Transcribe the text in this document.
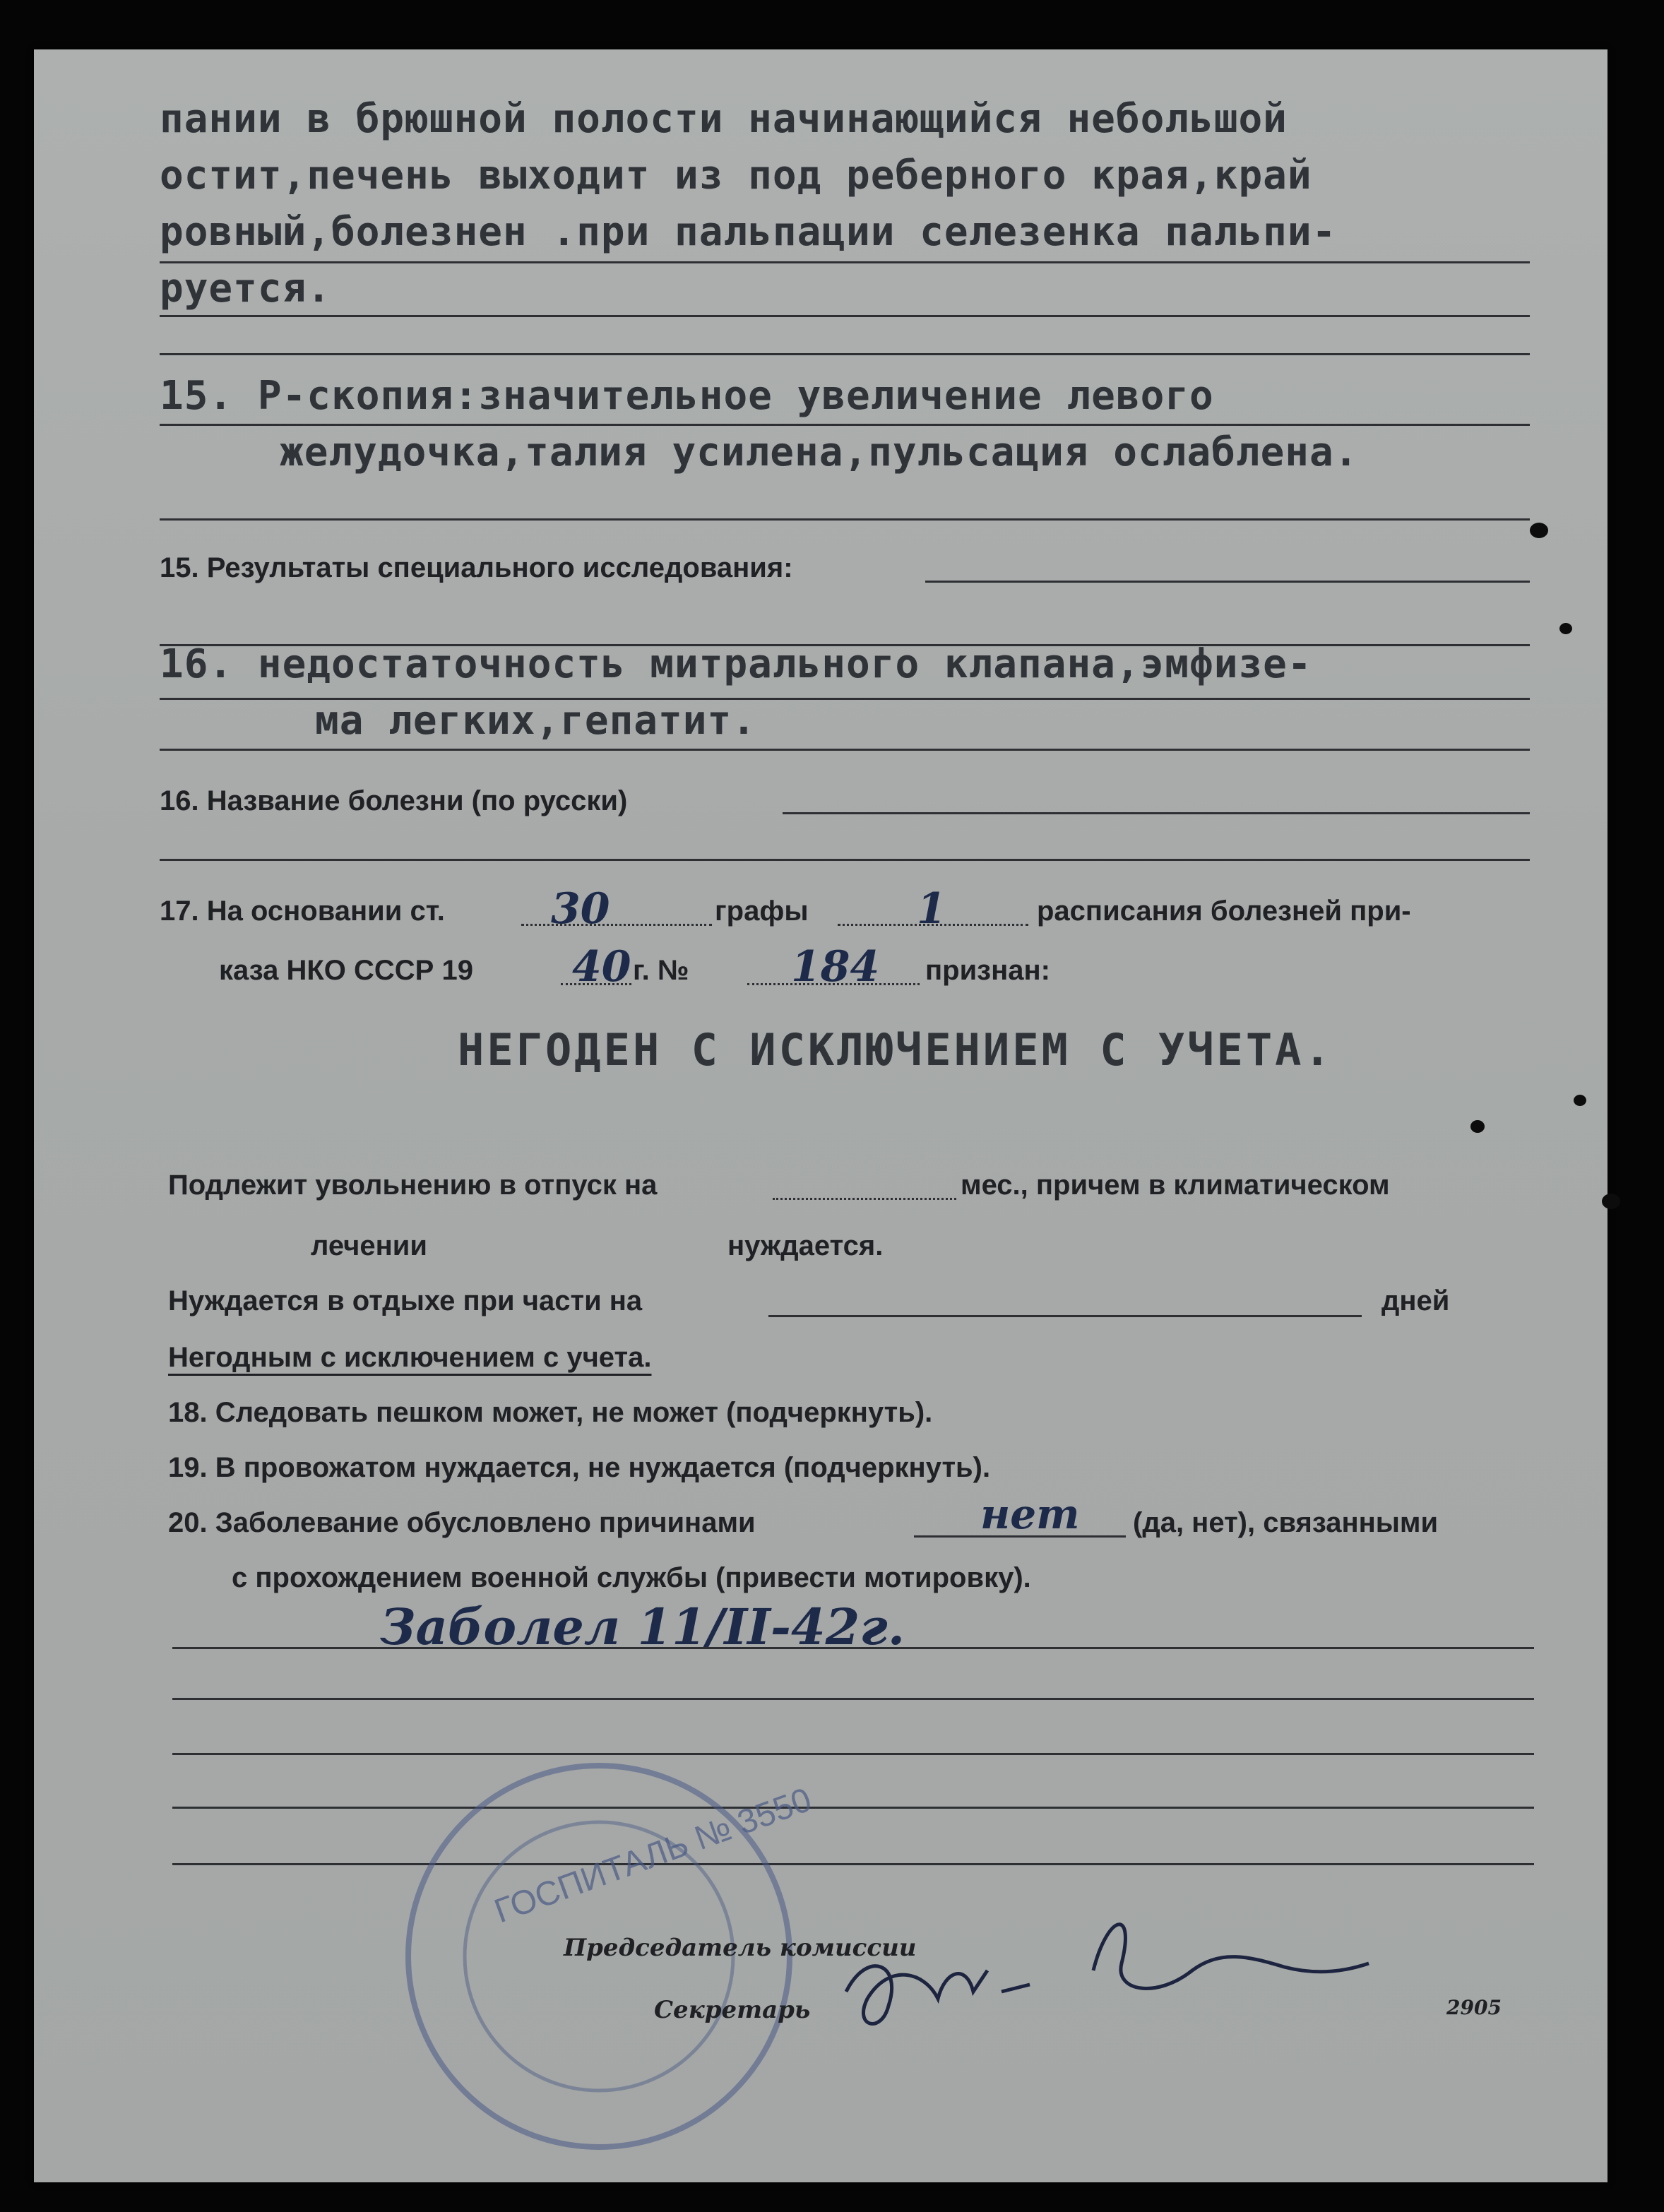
пании в брюшной полости начинающийся небольшой
остит,печень выходит из под реберного края,край
ровный,болезнен .при пальпации селезенка пальпи-
руется.
15. Р-скопия:значительное увеличение левого
желудочка,талия усилена,пульсация ослаблена.
15. Результаты специального исследования:
16. недостаточность митрального клапана,эмфизе-
ма легких,гепатит.
16. Название болезни (по русски)
17. На основании ст.	30	графы	1	расписания болезней при-
каза НКО СССР 19 40 г. № 184 признан:
НЕГОДЕН С ИСКЛЮЧЕНИЕМ С УЧЕТА.
Подлежит увольнению в отпуск на	мес., причем в климатическом
лечении	нуждается.
Нуждается в отдыхе при части на	дней
Негодным с исключением с учета.
18. Следовать пешком может, не может (подчеркнуть).
19. В провожатом нуждается, не нуждается (подчеркнуть).
20. Заболевание обусловлено причинами	нет (да, нет), связанными
с прохождением военной службы (привести мотировку).
Заболел 11/II-42г.
ГОСПИТАЛЬ № 3550
Председатель комиссии
Секретарь	2905
